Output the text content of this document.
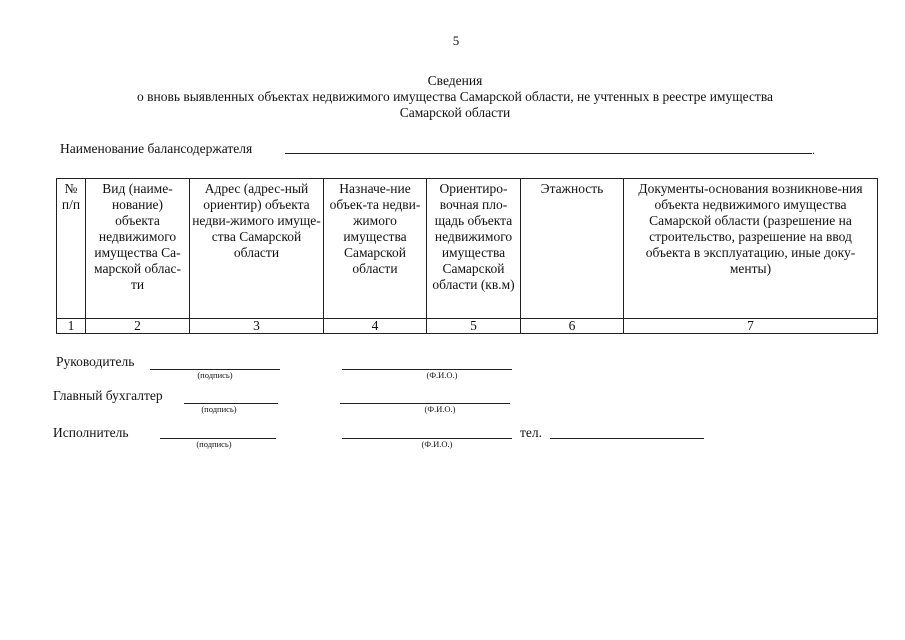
5
Сведения
о вновь выявленных объектах недвижимого имущества Самарской области, не учтенных в реестре имущества
Самарской области
Наименование балансодержателя	.
№ п/п	Вид (наиме-нование) объекта недвижимого имущества Са-марской облас-ти	Адрес (адрес-ный ориентир) объекта недви-жимого имуще-ства Самарской области	Назначе-ние объек-та недви-жимого имущества Самарской области	Ориентиро-вочная пло-щадь объекта недвижимого имущества Самарской области (кв.м)	Этажность	Документы-основания возникнове-ния объекта недвижимого имущества Самарской области (разрешение на строительство, разрешение на ввод объекта в эксплуатацию, иные доку-менты)
1	2	3	4	5	6	7
Руководитель
(подпись)	(Ф.И.О.)
Главный бухгалтер
(подпись)	(Ф.И.О.)
Исполнитель
(подпись)	(Ф.И.О.)
тел.
